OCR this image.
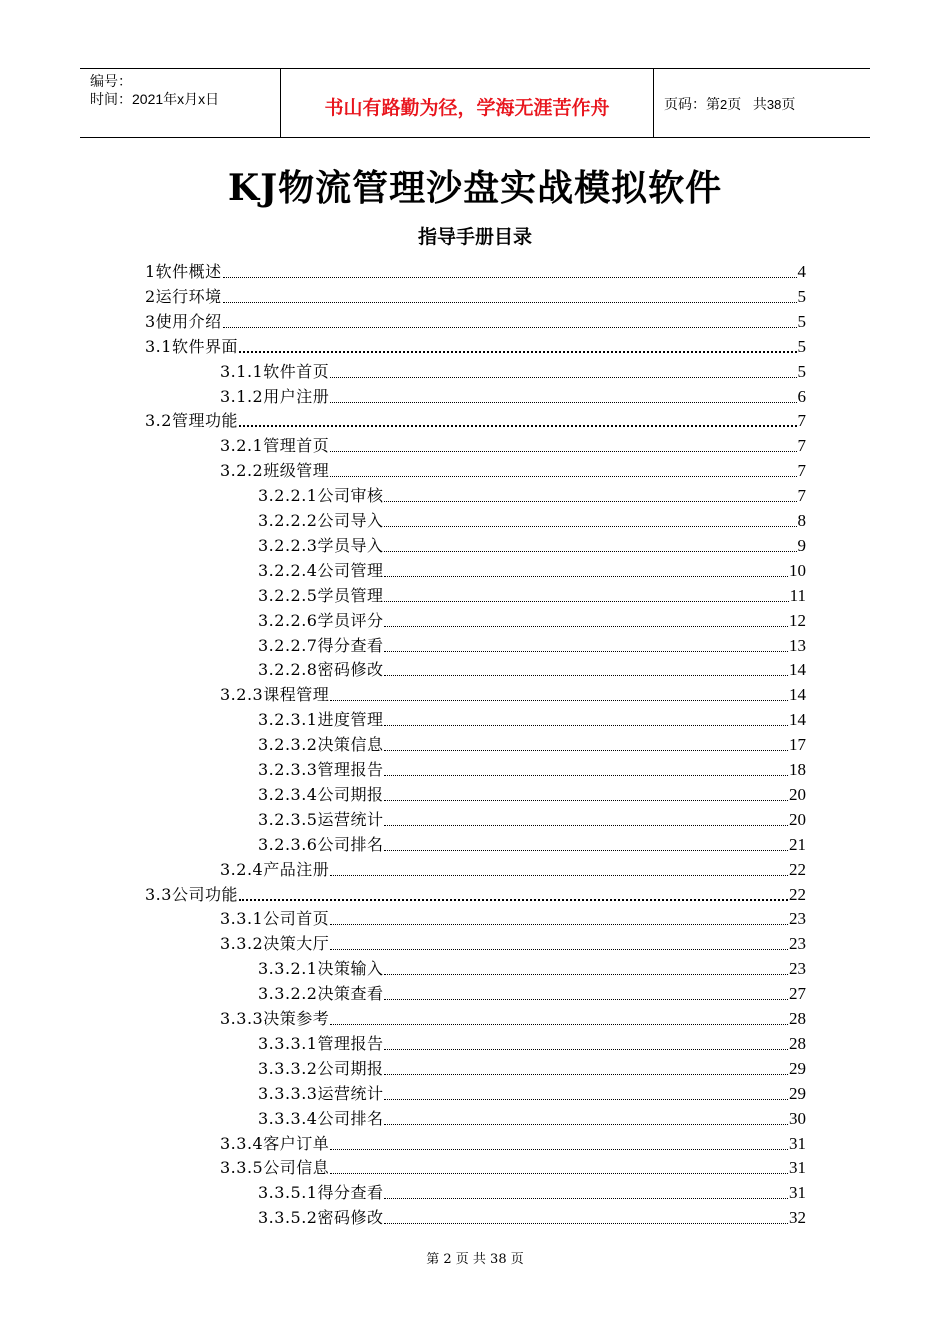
编号：
时间：2021年x月x日	书山有路勤为径，学海无涯苦作舟	页码：第 2 页   共 38 页
KJ物流管理沙盘实战模拟软件
指导手册目录
1软件概述	4
2运行环境	5
3使用介绍	5
3.1软件界面	5
3.1.1软件首页	5
3.1.2用户注册	6
3.2管理功能	7
3.2.1管理首页	7
3.2.2班级管理	7
3.2.2.1公司审核	7
3.2.2.2公司导入	8
3.2.2.3学员导入	9
3.2.2.4公司管理	10
3.2.2.5学员管理	11
3.2.2.6学员评分	12
3.2.2.7得分查看	13
3.2.2.8密码修改	14
3.2.3课程管理	14
3.2.3.1进度管理	14
3.2.3.2决策信息	17
3.2.3.3管理报告	18
3.2.3.4公司期报	20
3.2.3.5运营统计	20
3.2.3.6公司排名	21
3.2.4产品注册	22
3.3公司功能	22
3.3.1公司首页	23
3.3.2决策大厅	23
3.3.2.1决策输入	23
3.3.2.2决策查看	27
3.3.3决策参考	28
3.3.3.1管理报告	28
3.3.3.2公司期报	29
3.3.3.3运营统计	29
3.3.3.4公司排名	30
3.3.4客户订单	31
3.3.5公司信息	31
3.3.5.1得分查看	31
3.3.5.2密码修改	32
第 2 页 共 38 页
